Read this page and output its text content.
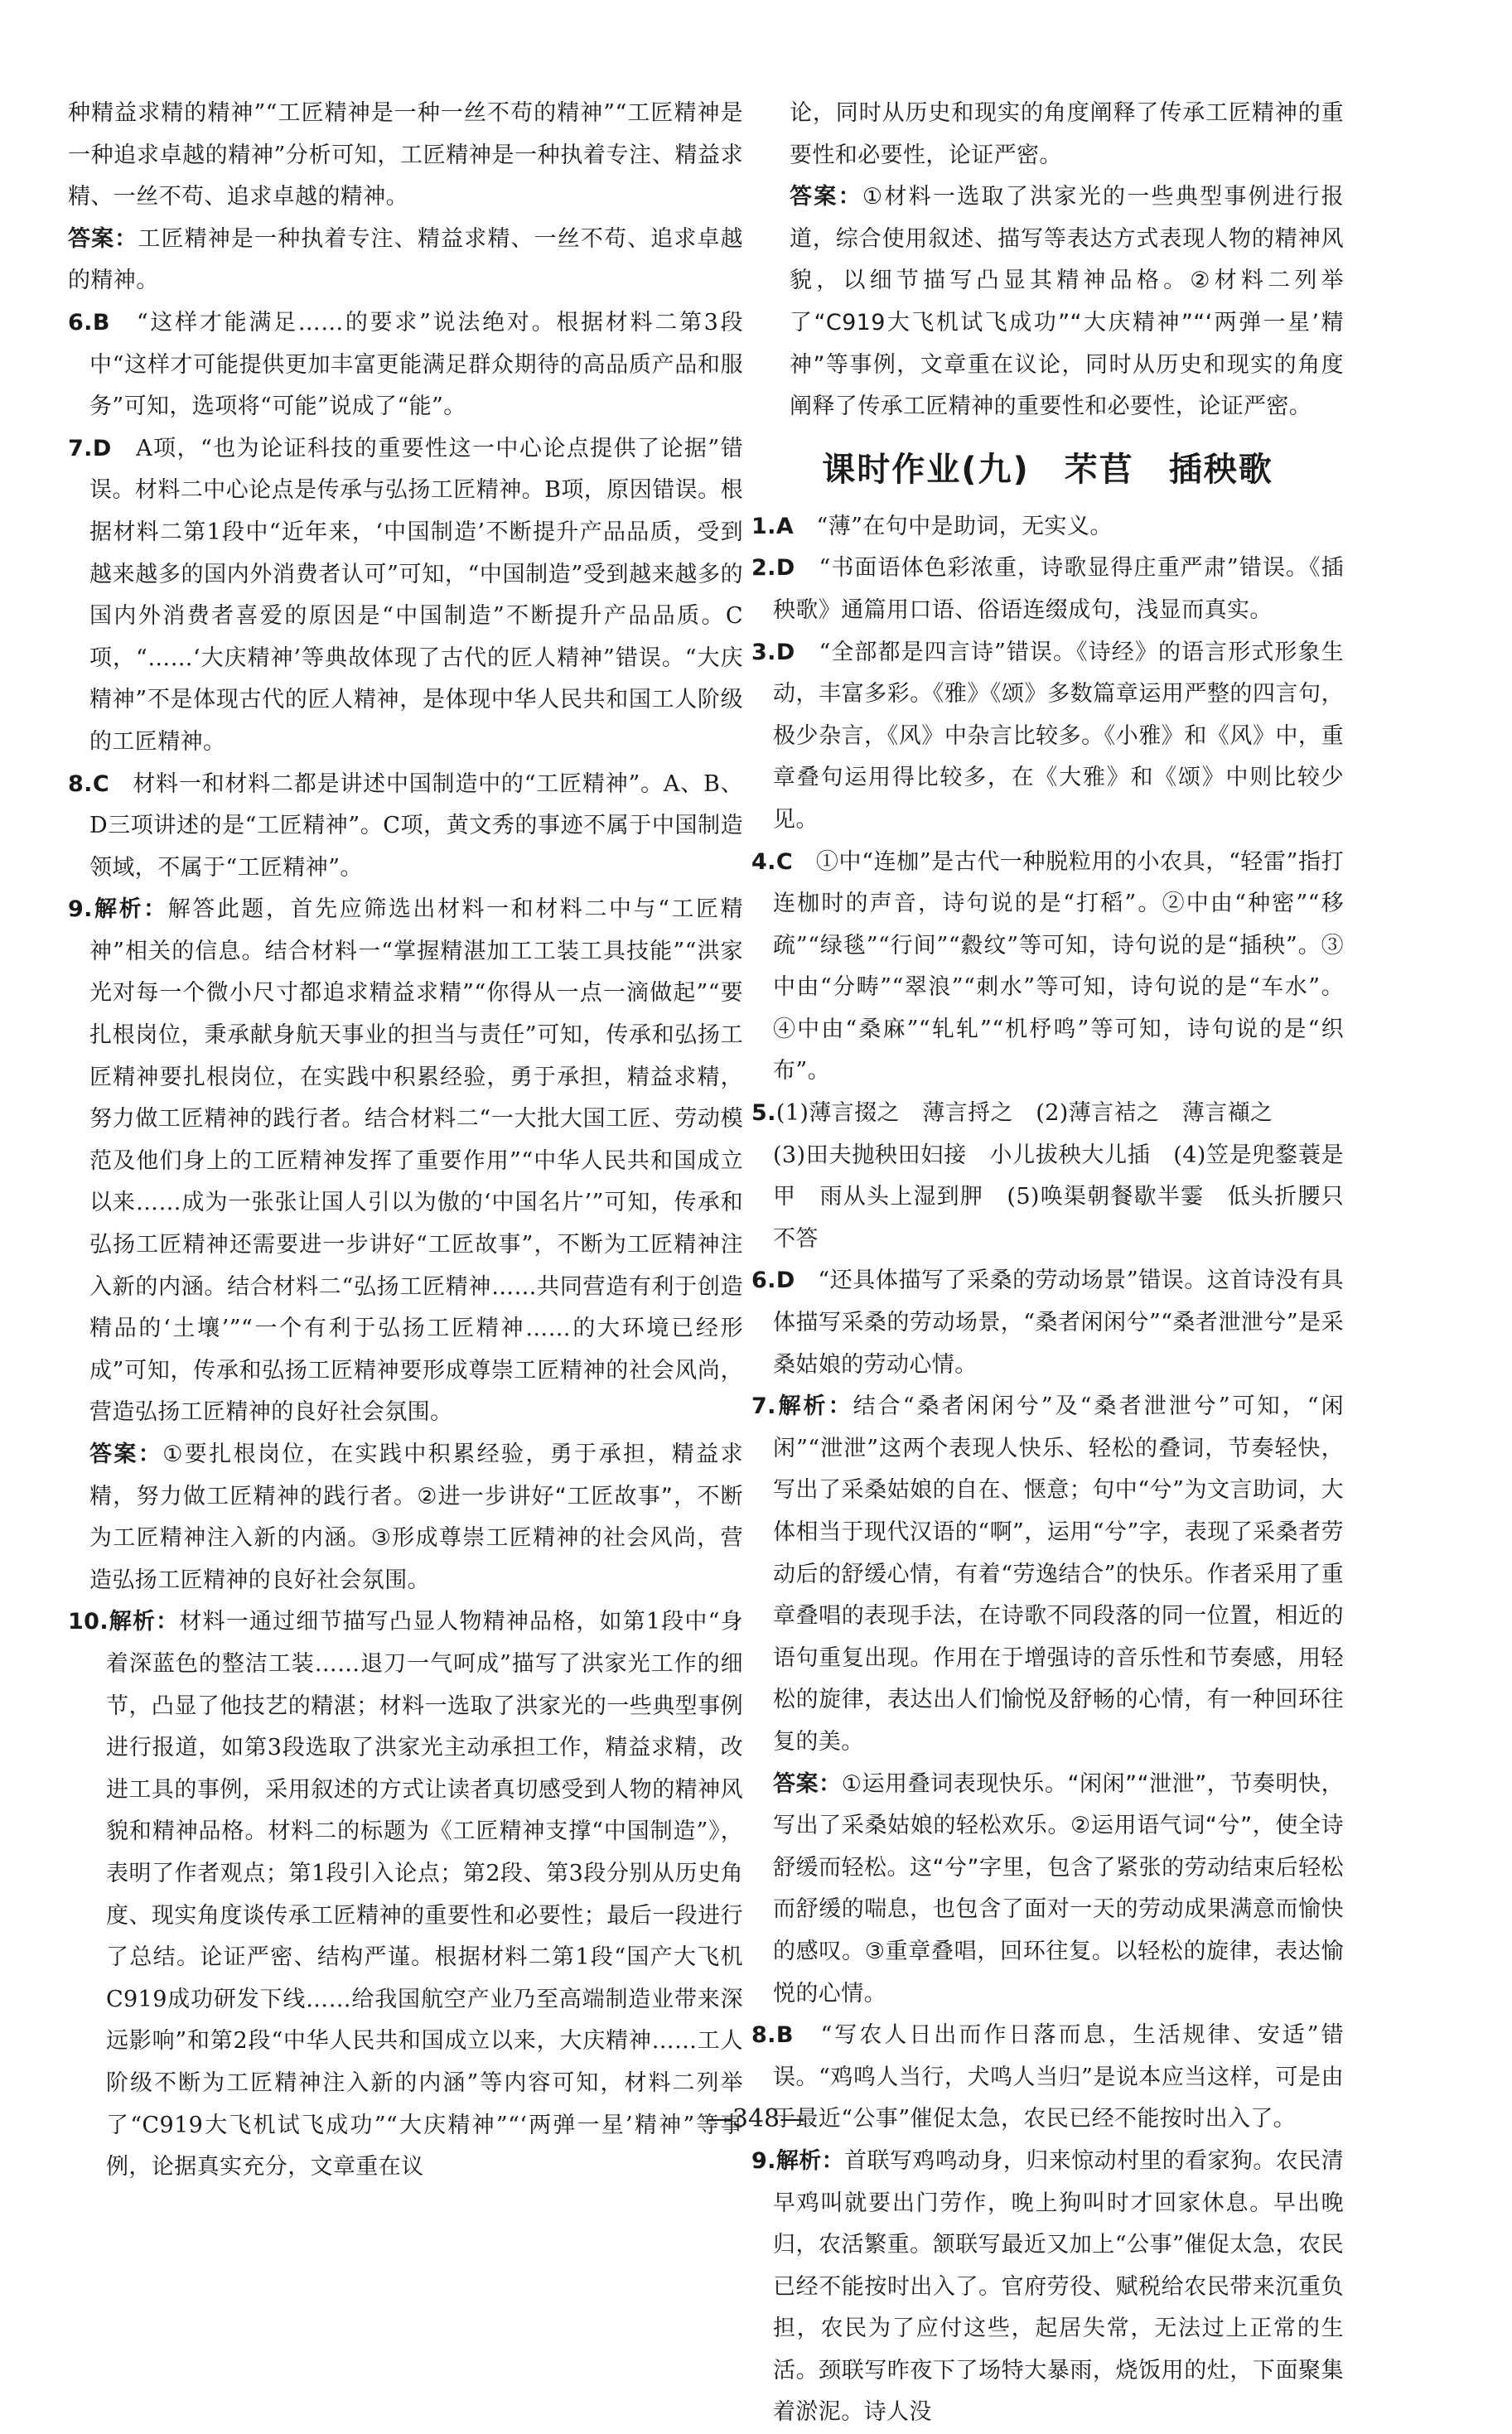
种精益求精的精神”“工匠精神是一种一丝不苟的精神”“工匠精神是一种追求卓越的精神”分析可知，工匠精神是一种执着专注、精益求精、一丝不苟、追求卓越的精神。

答案：工匠精神是一种执着专注、精益求精、一丝不苟、追求卓越的精神。

6.B　 “这样才能满足……的要求”说法绝对。根据材料二第3段中“这样才可能提供更加丰富更能满足群众期待的高品质产品和服务”可知，选项将“可能”说成了“能”。

7.D　 A项，“也为论证科技的重要性这一中心论点提供了论据”错误。材料二中心论点是传承与弘扬工匠精神。B项，原因错误。根据材料二第1段中“近年来，‘中国制造’不断提升产品品质，受到越来越多的国内外消费者认可”可知，“中国制造”受到越来越多的国内外消费者喜爱的原因是“中国制造”不断提升产品品质。C项，“……‘大庆精神’等典故体现了古代的匠人精神”错误。“大庆精神”不是体现古代的匠人精神，是体现中华人民共和国工人阶级的工匠精神。

8.C　 材料一和材料二都是讲述中国制造中的“工匠精神”。A、B、D三项讲述的是“工匠精神”。C项，黄文秀的事迹不属于中国制造领域，不属于“工匠精神”。

9.解析：解答此题，首先应筛选出材料一和材料二中与“工匠精神”相关的信息。结合材料一“掌握精湛加工工装工具技能”“洪家光对每一个微小尺寸都追求精益求精”“你得从一点一滴做起”“要扎根岗位，秉承献身航天事业的担当与责任”可知，传承和弘扬工匠精神要扎根岗位，在实践中积累经验，勇于承担，精益求精，努力做工匠精神的践行者。结合材料二“一大批大国工匠、劳动模范及他们身上的工匠精神发挥了重要作用”“中华人民共和国成立以来……成为一张张让国人引以为傲的‘中国名片’”可知，传承和弘扬工匠精神还需要进一步讲好“工匠故事”，不断为工匠精神注入新的内涵。结合材料二“弘扬工匠精神……共同营造有利于创造精品的‘土壤’”“一个有利于弘扬工匠精神……的大环境已经形成”可知，传承和弘扬工匠精神要形成尊崇工匠精神的社会风尚，营造弘扬工匠精神的良好社会氛围。

答案：①要扎根岗位，在实践中积累经验，勇于承担，精益求精，努力做工匠精神的践行者。②进一步讲好“工匠故事”，不断为工匠精神注入新的内涵。③形成尊崇工匠精神的社会风尚，营造弘扬工匠精神的良好社会氛围。

10.解析：材料一通过细节描写凸显人物精神品格，如第1段中“身着深蓝色的整洁工装……退刀一气呵成”描写了洪家光工作的细节，凸显了他技艺的精湛；材料一选取了洪家光的一些典型事例进行报道，如第3段选取了洪家光主动承担工作，精益求精，改进工具的事例，采用叙述的方式让读者真切感受到人物的精神风貌和精神品格。材料二的标题为《工匠精神支撑“中国制造”》，表明了作者观点；第1段引入论点；第2段、第3段分别从历史角度、现实角度谈传承工匠精神的重要性和必要性；最后一段进行了总结。论证严密、结构严谨。根据材料二第1段“国产大飞机C919成功研发下线……给我国航空产业乃至高端制造业带来深远影响”和第2段“中华人民共和国成立以来，大庆精神……工人阶级不断为工匠精神注入新的内涵”等内容可知，材料二列举了“C919大飞机试飞成功”“大庆精神”“‘两弹一星’精神”等事例，论据真实充分，文章重在议

论，同时从历史和现实的角度阐释了传承工匠精神的重要性和必要性，论证严密。

答案：①材料一选取了洪家光的一些典型事例进行报道，综合使用叙述、描写等表达方式表现人物的精神风貌，以细节描写凸显其精神品格。②材料二列举了“C919大飞机试飞成功”“大庆精神”“‘两弹一星’精神”等事例，文章重在议论，同时从历史和现实的角度阐释了传承工匠精神的重要性和必要性，论证严密。

课时作业(九)　芣苢　插秧歌

1.A　 “薄”在句中是助词，无实义。

2.D　 “书面语体色彩浓重，诗歌显得庄重严肃”错误。《插秧歌》通篇用口语、俗语连缀成句，浅显而真实。

3.D　 “全部都是四言诗”错误。《诗经》的语言形式形象生动，丰富多彩。《雅》《颂》多数篇章运用严整的四言句，极少杂言，《风》中杂言比较多。《小雅》和《风》中，重章叠句运用得比较多，在《大雅》和《颂》中则比较少见。

4.C　 ①中“连枷”是古代一种脱粒用的小农具，“轻雷”指打连枷时的声音，诗句说的是“打稻”。②中由“种密”“移疏”“绿毯”“行间”“縠纹”等可知，诗句说的是“插秧”。③中由“分畴”“翠浪”“刺水”等可知，诗句说的是“车水”。④中由“桑麻”“轧轧”“机杼鸣”等可知，诗句说的是“织布”。

5.(1)薄言掇之　薄言捋之　(2)薄言袺之　薄言襭之

(3)田夫抛秧田妇接　小儿拔秧大儿插　(4)笠是兜鍪蓑是甲　雨从头上湿到胛　(5)唤渠朝餐歇半霎　低头折腰只不答

6.D　 “还具体描写了采桑的劳动场景”错误。这首诗没有具体描写采桑的劳动场景，“桑者闲闲兮”“桑者泄泄兮”是采桑姑娘的劳动心情。

7.解析：结合“桑者闲闲兮”及“桑者泄泄兮”可知，“闲闲”“泄泄”这两个表现人快乐、轻松的叠词，节奏轻快，写出了采桑姑娘的自在、惬意；句中“兮”为文言助词，大体相当于现代汉语的“啊”，运用“兮”字，表现了采桑者劳动后的舒缓心情，有着“劳逸结合”的快乐。作者采用了重章叠唱的表现手法，在诗歌不同段落的同一位置，相近的语句重复出现。作用在于增强诗的音乐性和节奏感，用轻松的旋律，表达出人们愉悦及舒畅的心情，有一种回环往复的美。

答案：①运用叠词表现快乐。“闲闲”“泄泄”，节奏明快，写出了采桑姑娘的轻松欢乐。②运用语气词“兮”，使全诗舒缓而轻松。这“兮”字里，包含了紧张的劳动结束后轻松而舒缓的喘息，也包含了面对一天的劳动成果满意而愉快的感叹。③重章叠唱，回环往复。以轻松的旋律，表达愉悦的心情。

8.B　 “写农人日出而作日落而息，生活规律、安适”错误。“鸡鸣人当行，犬鸣人当归”是说本应当这样，可是由于最近“公事”催促太急，农民已经不能按时出入了。

9.解析：首联写鸡鸣动身，归来惊动村里的看家狗。农民清早鸡叫就要出门劳作，晚上狗叫时才回家休息。早出晚归，农活繁重。颔联写最近又加上“公事”催促太急，农民已经不能按时出入了。官府劳役、赋税给农民带来沉重负担，农民为了应付这些，起居失常，无法过上正常的生活。颈联写昨夜下了场特大暴雨，烧饭用的灶，下面聚集着淤泥。诗人没

—348—
